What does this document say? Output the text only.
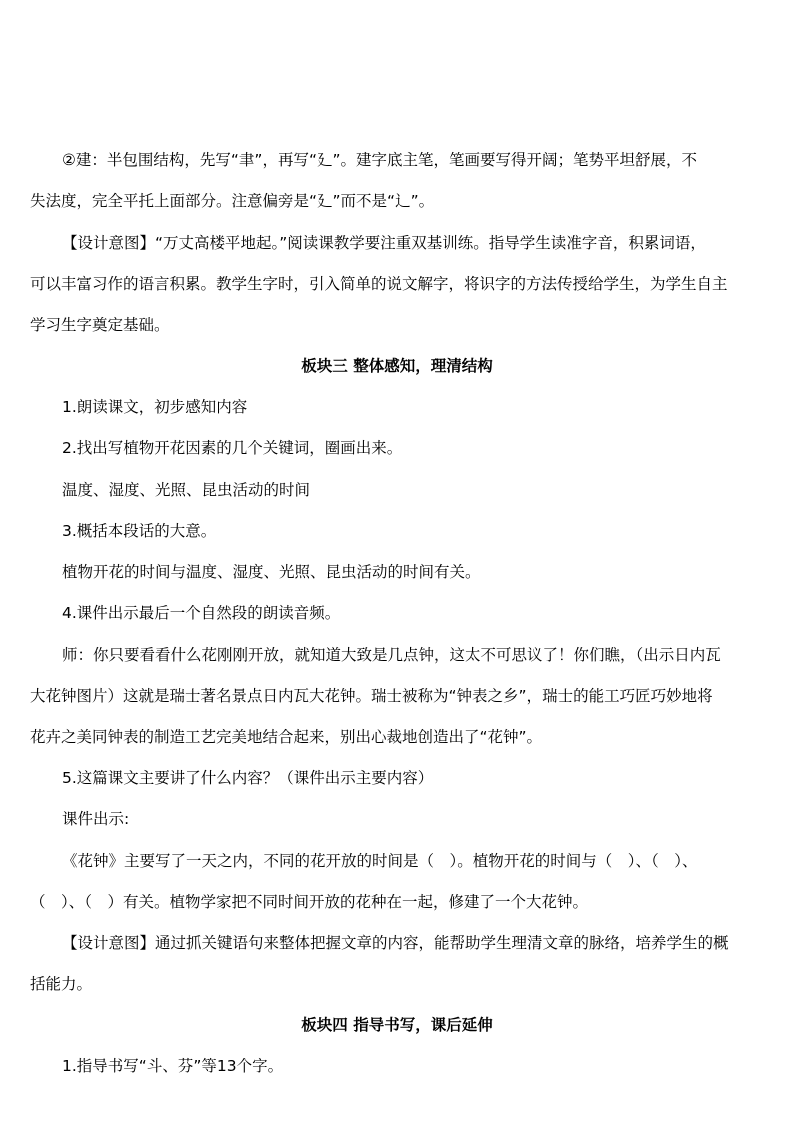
②建：半包围结构，先写“聿”，再写“廴”。建字底主笔，笔画要写得开阔；笔势平坦舒展，不
失法度，完全平托上面部分。注意偏旁是“廴”而不是“辶”。
【设计意图】“万丈高楼平地起。”阅读课教学要注重双基训练。指导学生读准字音，积累词语，
可以丰富习作的语言积累。教学生字时，引入简单的说文解字，将识字的方法传授给学生，为学生自主
学习生字奠定基础。
板块三 整体感知，理清结构
1.朗读课文，初步感知内容
2.找出写植物开花因素的几个关键词，圈画出来。
温度、湿度、光照、昆虫活动的时间
3.概括本段话的大意。
植物开花的时间与温度、湿度、光照、昆虫活动的时间有关。
4.课件出示最后一个自然段的朗读音频。
师：你只要看看什么花刚刚开放，就知道大致是几点钟，这太不可思议了！你们瞧，（出示日内瓦
大花钟图片）这就是瑞士著名景点日内瓦大花钟。瑞士被称为“钟表之乡”，瑞士的能工巧匠巧妙地将
花卉之美同钟表的制造工艺完美地结合起来，别出心裁地创造出了“花钟”。
5.这篇课文主要讲了什么内容？（课件出示主要内容）
课件出示:
《花钟》主要写了一天之内，不同的花开放的时间是（　）。植物开花的时间与（　）、（　）、
（　）、（　）有关。植物学家把不同时间开放的花种在一起，修建了一个大花钟。
【设计意图】通过抓关键语句来整体把握文章的内容，能帮助学生理清文章的脉络，培养学生的概
括能力。
板块四 指导书写，课后延伸
1.指导书写“斗、芬”等13个字。
